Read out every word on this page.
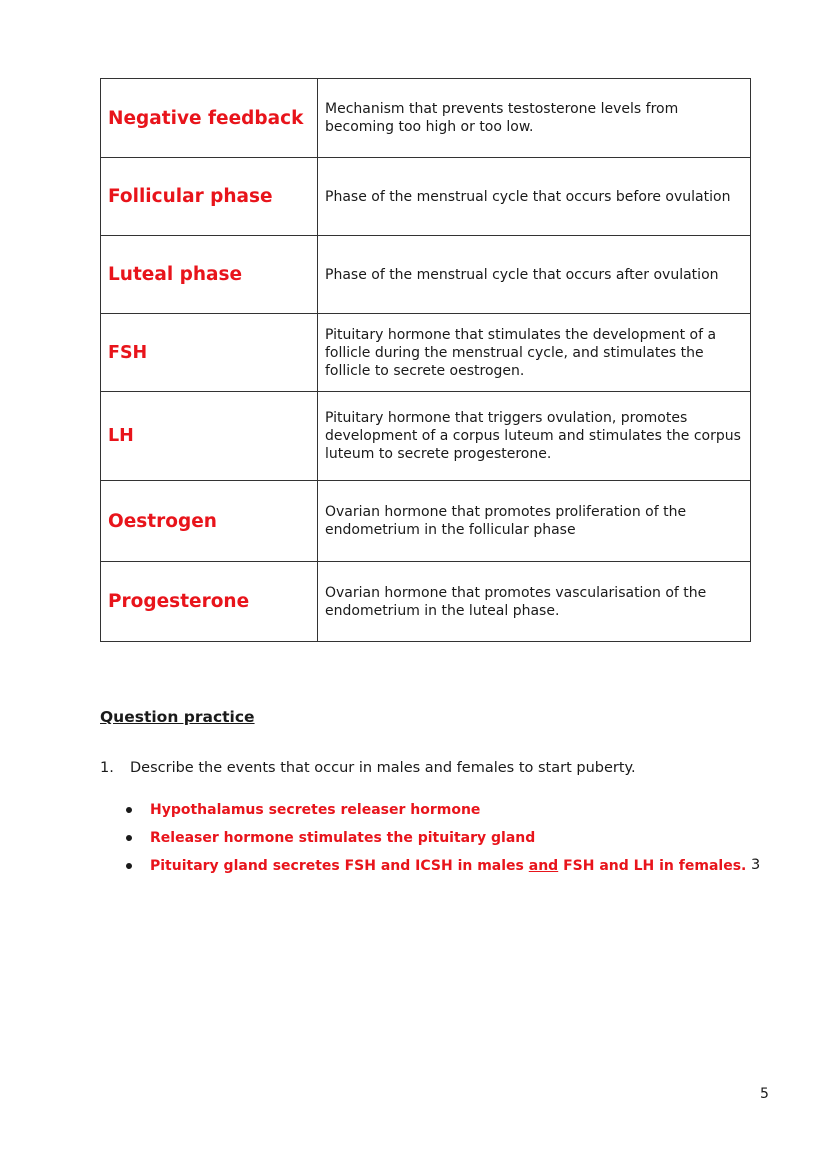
Negative feedback	Mechanism that prevents testosterone levels from becoming too high or too low.
Follicular phase	Phase of the menstrual cycle that occurs before ovulation
Luteal phase	Phase of the menstrual cycle that occurs after ovulation
FSH	Pituitary hormone that stimulates the development of a follicle during the menstrual cycle, and stimulates the follicle to secrete oestrogen.
LH	Pituitary hormone that triggers ovulation, promotes development of a corpus luteum and stimulates the corpus luteum to secrete progesterone.
Oestrogen	Ovarian hormone that promotes proliferation of the endometrium in the follicular phase
Progesterone	Ovarian hormone that promotes vascularisation of the endometrium in the luteal phase.
Question practice

1. Describe the events that occur in males and females to start puberty.

Hypothalamus secretes releaser hormone
Releaser hormone stimulates the pituitary gland
Pituitary gland secretes FSH and ICSH in males and FSH and LH in females. 3
5
